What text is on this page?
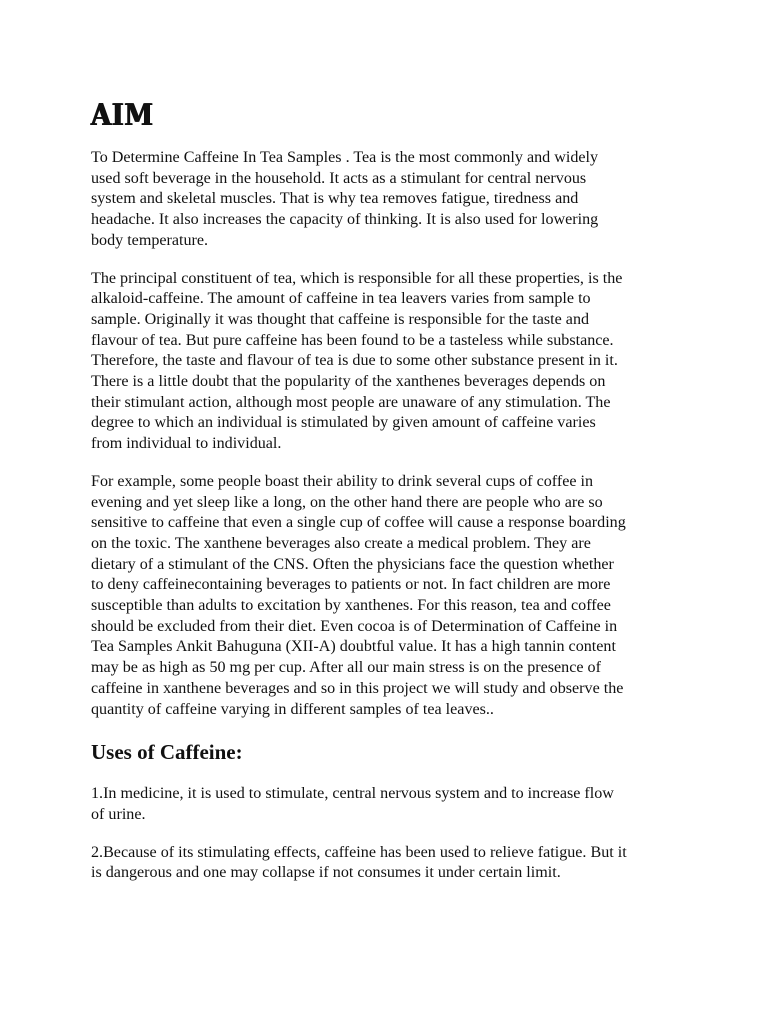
AIM

To Determine Caffeine In Tea Samples . Tea is the most commonly and widely
used soft beverage in the household. It acts as a stimulant for central nervous
system and skeletal muscles. That is why tea removes fatigue, tiredness and
headache. It also increases the capacity of thinking. It is also used for lowering
body temperature.

The principal constituent of tea, which is responsible for all these properties, is the
alkaloid-caffeine. The amount of caffeine in tea leavers varies from sample to
sample. Originally it was thought that caffeine is responsible for the taste and
flavour of tea. But pure caffeine has been found to be a tasteless while substance.
Therefore, the taste and flavour of tea is due to some other substance present in it.
There is a little doubt that the popularity of the xanthenes beverages depends on
their stimulant action, although most people are unaware of any stimulation. The
degree to which an individual is stimulated by given amount of caffeine varies
from individual to individual.

For example, some people boast their ability to drink several cups of coffee in
evening and yet sleep like a long, on the other hand there are people who are so
sensitive to caffeine that even a single cup of coffee will cause a response boarding
on the toxic. The xanthene beverages also create a medical problem. They are
dietary of a stimulant of the CNS. Often the physicians face the question whether
to deny caffeinecontaining beverages to patients or not. In fact children are more
susceptible than adults to excitation by xanthenes. For this reason, tea and coffee
should be excluded from their diet. Even cocoa is of Determination of Caffeine in
Tea Samples Ankit Bahuguna (XII-A) doubtful value. It has a high tannin content
may be as high as 50 mg per cup. After all our main stress is on the presence of
caffeine in xanthene beverages and so in this project we will study and observe the
quantity of caffeine varying in different samples of tea leaves..

Uses of Caffeine:

1.In medicine, it is used to stimulate, central nervous system and to increase flow
of urine.

2.Because of its stimulating effects, caffeine has been used to relieve fatigue. But it
is dangerous and one may collapse if not consumes it under certain limit.
